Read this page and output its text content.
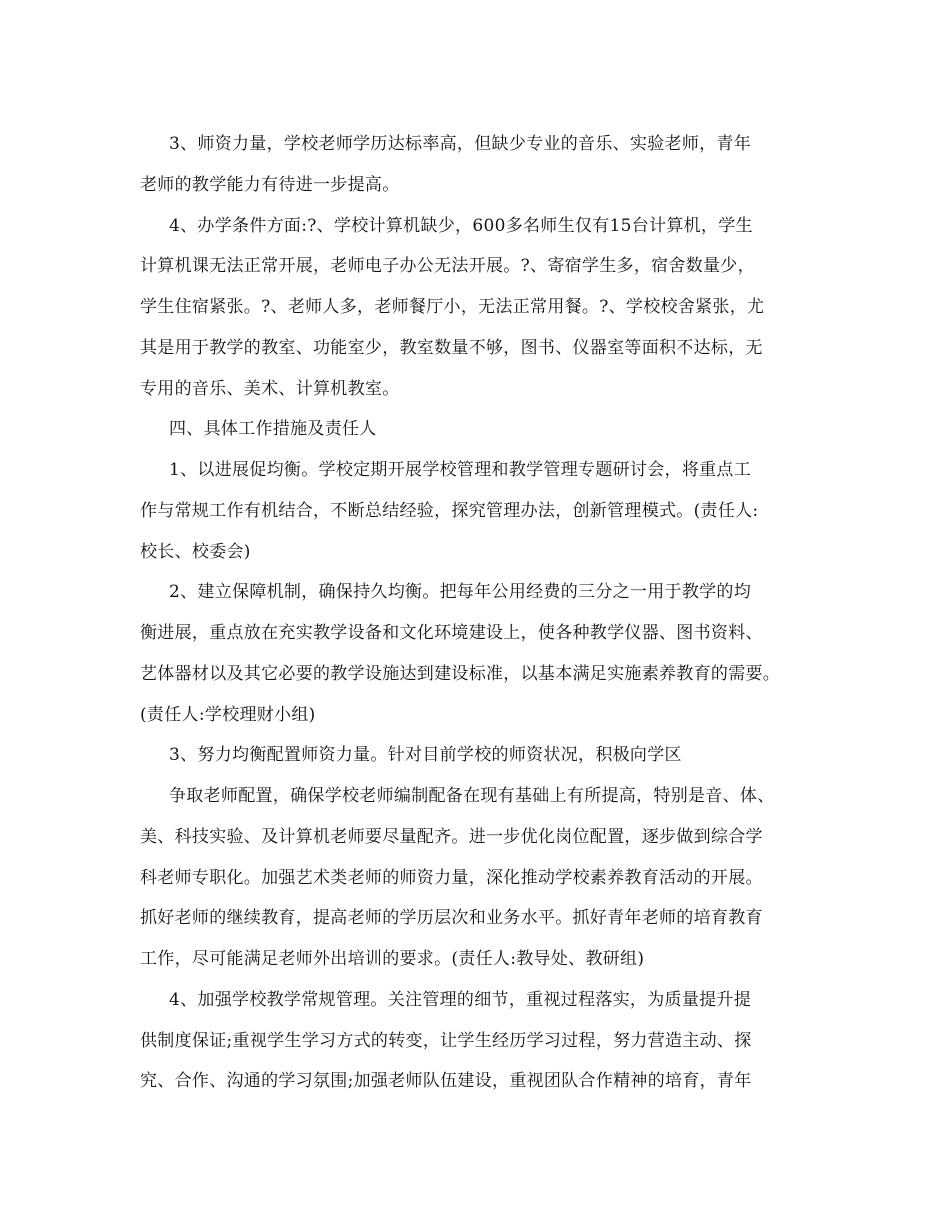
3、师资力量，学校老师学历达标率高，但缺少专业的音乐、实验老师，青年
老师的教学能力有待进一步提高。
4、办学条件方面:?、学校计算机缺少，600多名师生仅有15台计算机，学生
计算机课无法正常开展，老师电子办公无法开展。?、寄宿学生多，宿舍数量少，
学生住宿紧张。?、老师人多，老师餐厅小，无法正常用餐。?、学校校舍紧张，尤
其是用于教学的教室、功能室少，教室数量不够，图书、仪器室等面积不达标，无
专用的音乐、美术、计算机教室。
四、具体工作措施及责任人
1、以进展促均衡。学校定期开展学校管理和教学管理专题研讨会，将重点工
作与常规工作有机结合，不断总结经验，探究管理办法，创新管理模式。(责任人:
校长、校委会)
2、建立保障机制，确保持久均衡。把每年公用经费的三分之一用于教学的均
衡进展，重点放在充实教学设备和文化环境建设上，使各种教学仪器、图书资料、
艺体器材以及其它必要的教学设施达到建设标准，以基本满足实施素养教育的需要。
(责任人:学校理财小组)
3、努力均衡配置师资力量。针对目前学校的师资状况，积极向学区
争取老师配置，确保学校老师编制配备在现有基础上有所提高，特别是音、体、
美、科技实验、及计算机老师要尽量配齐。进一步优化岗位配置，逐步做到综合学
科老师专职化。加强艺术类老师的师资力量，深化推动学校素养教育活动的开展。
抓好老师的继续教育，提高老师的学历层次和业务水平。抓好青年老师的培育教育
工作，尽可能满足老师外出培训的要求。(责任人:教导处、教研组)
4、加强学校教学常规管理。关注管理的细节，重视过程落实，为质量提升提
供制度保证;重视学生学习方式的转变，让学生经历学习过程，努力营造主动、探
究、合作、沟通的学习氛围;加强老师队伍建设，重视团队合作精神的培育，青年
